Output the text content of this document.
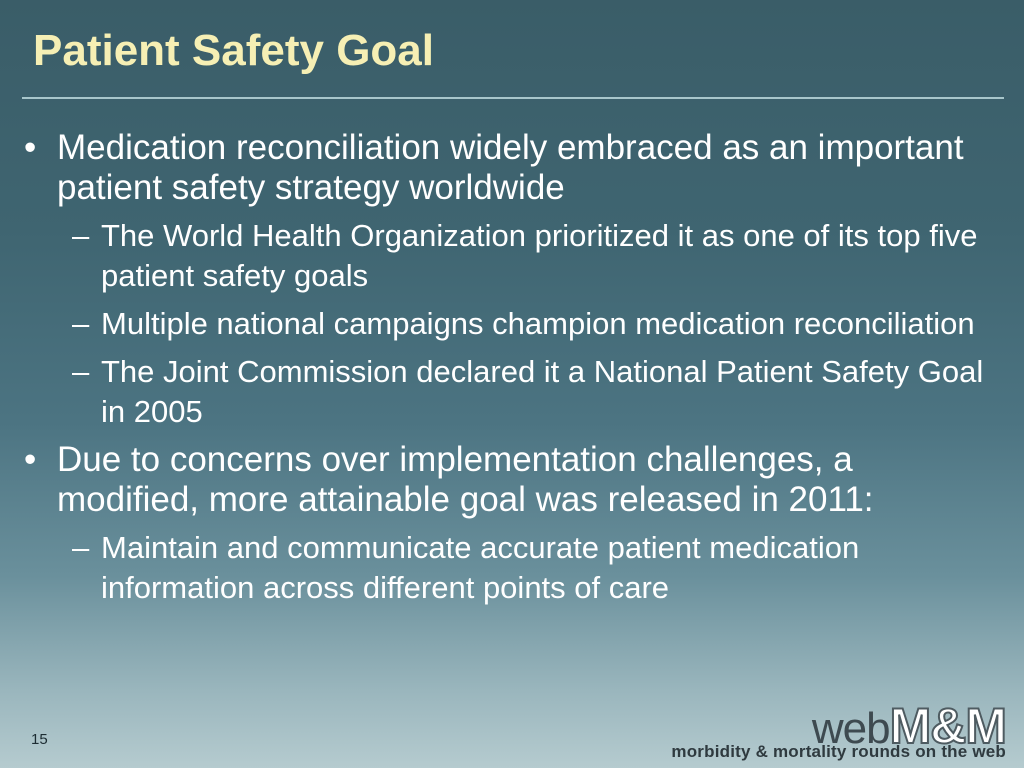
Patient Safety Goal
• Medication reconciliation widely embraced as an important patient safety strategy worldwide
– The World Health Organization prioritized it as one of its top five patient safety goals
– Multiple national campaigns champion medication reconciliation
– The Joint Commission declared it a National Patient Safety Goal in 2005
• Due to concerns over implementation challenges, a modified, more attainable goal was released in 2011:
– Maintain and communicate accurate patient medication information across different points of care
15	webM&M
morbidity & mortality rounds on the web
